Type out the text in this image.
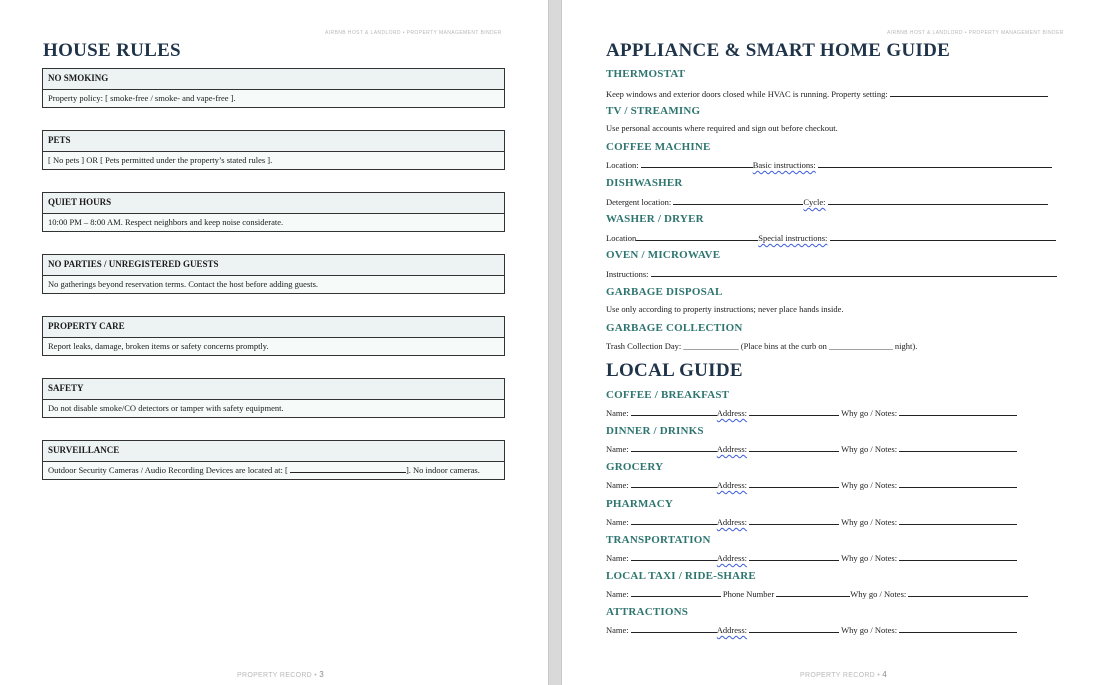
AIRBNB HOST & LANDLORD • PROPERTY MANAGEMENT BINDER
HOUSE RULES
NO SMOKING
Property policy: [ smoke-free / smoke- and vape-free ].
PETS
[ No pets ] OR [ Pets permitted under the property’s stated rules ].
QUIET HOURS
10:00 PM – 8:00 AM. Respect neighbors and keep noise considerate.
NO PARTIES / UNREGISTERED GUESTS
No gatherings beyond reservation terms. Contact the host before adding guests.
PROPERTY CARE
Report leaks, damage, broken items or safety concerns promptly.
SAFETY
Do not disable smoke/CO detectors or tamper with safety equipment.
SURVEILLANCE
Outdoor Security Cameras / Audio Recording Devices are located at: [	]. No indoor cameras.
PROPERTY RECORD • 3
AIRBNB HOST & LANDLORD • PROPERTY MANAGEMENT BINDER
APPLIANCE & SMART HOME GUIDE
THERMOSTAT
Keep windows and exterior doors closed while HVAC is running. Property setting:
TV / STREAMING
Use personal accounts where required and sign out before checkout.
COFFEE MACHINE
Location:	Basic instructions:
DISHWASHER
Detergent location:	Cycle:
WASHER / DRYER
Location	Special instructions:
OVEN / MICROWAVE
Instructions:
GARBAGE DISPOSAL
Use only according to property instructions; never place hands inside.
GARBAGE COLLECTION
Trash Collection Day: _____________ (Place bins at the curb on _______________ night).
LOCAL GUIDE
COFFEE / BREAKFAST
Name:	Address:	Why go / Notes:
DINNER / DRINKS
Name:	Address:	Why go / Notes:
GROCERY
Name:	Address:	Why go / Notes:
PHARMACY
Name:	Address:	Why go / Notes:
TRANSPORTATION
Name:	Address:	Why go / Notes:
LOCAL TAXI / RIDE-SHARE
Name:	Phone Number	Why go / Notes:
ATTRACTIONS
Name:	Address:	Why go / Notes:
PROPERTY RECORD • 4
